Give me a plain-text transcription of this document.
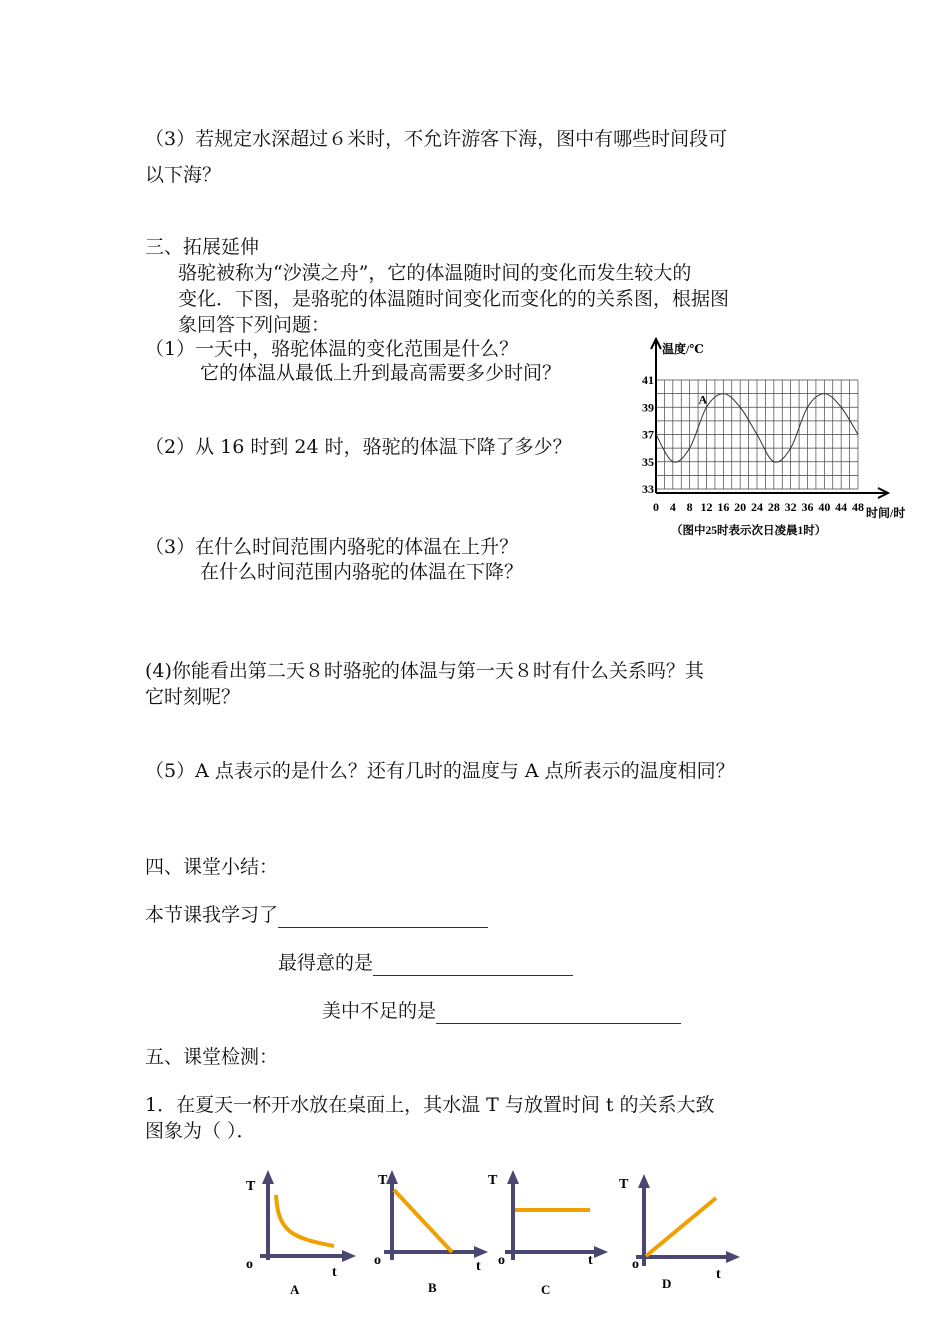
（3）若规定水深超过６米时，不允许游客下海，图中有哪些时间段可
以下海？
三、拓展延伸
骆驼被称为“沙漠之舟”，它的体温随时间的变化而发生较大的
变化．下图，是骆驼的体温随时间变化而变化的的关系图，根据图
象回答下列问题：
（1）一天中，骆驼体温的变化范围是什么？
它的体温从最低上升到最高需要多少时间？
（2）从 16 时到 24 时，骆驼的体温下降了多少？
（3）在什么时间范围内骆驼的体温在上升？
在什么时间范围内骆驼的体温在下降？
(4)你能看出第二天８时骆驼的体温与第一天８时有什么关系吗？其
它时刻呢？
（5）A 点表示的是什么？还有几时的温度与 A 点所表示的温度相同？
温度/℃
时间/时
A
0 4 8 12 16 20 24 28 32 36 40 44 48
33
35
37
39
41
（图中25时表示次日凌晨1时）
四、课堂小结：
本节课我学习了
最得意的是
美中不足的是
五、课堂检测：
1．在夏天一杯开水放在桌面上，其水温 T 与放置时间 t 的关系大致
图象为（ ）．
T
o
t
A
T
o	t
B
T
o	t
C
T
o
t
D
